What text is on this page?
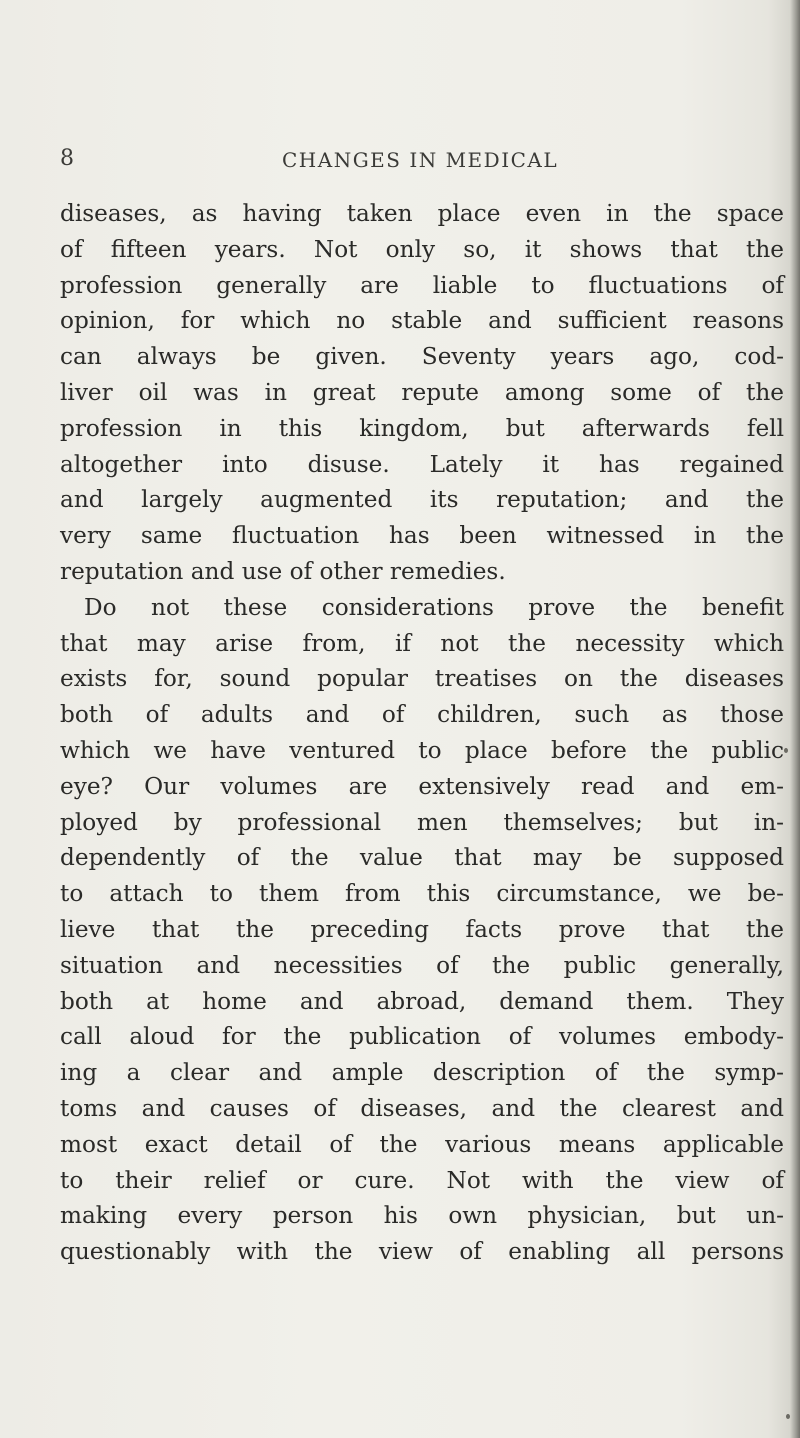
8	CHANGES IN MEDICAL
diseases, as having taken place even in the space
of fifteen years. Not only so, it shows that the
profession generally are liable to fluctuations of
opinion, for which no stable and sufficient reasons
can always be given. Seventy years ago, cod-
liver oil was in great repute among some of the
profession in this kingdom, but afterwards fell
altogether into disuse. Lately it has regained
and largely augmented its reputation; and the
very same fluctuation has been witnessed in the
reputation and use of other remedies.
Do not these considerations prove the benefit
that may arise from, if not the necessity which
exists for, sound popular treatises on the diseases
both of adults and of children, such as those
which we have ventured to place before the public
eye? Our volumes are extensively read and em-
ployed by professional men themselves; but in-
dependently of the value that may be supposed
to attach to them from this circumstance, we be-
lieve that the preceding facts prove that the
situation and necessities of the public generally,
both at home and abroad, demand them. They
call aloud for the publication of volumes embody-
ing a clear and ample description of the symp-
toms and causes of diseases, and the clearest and
most exact detail of the various means applicable
to their relief or cure. Not with the view of
making every person his own physician, but un-
questionably with the view of enabling all persons
